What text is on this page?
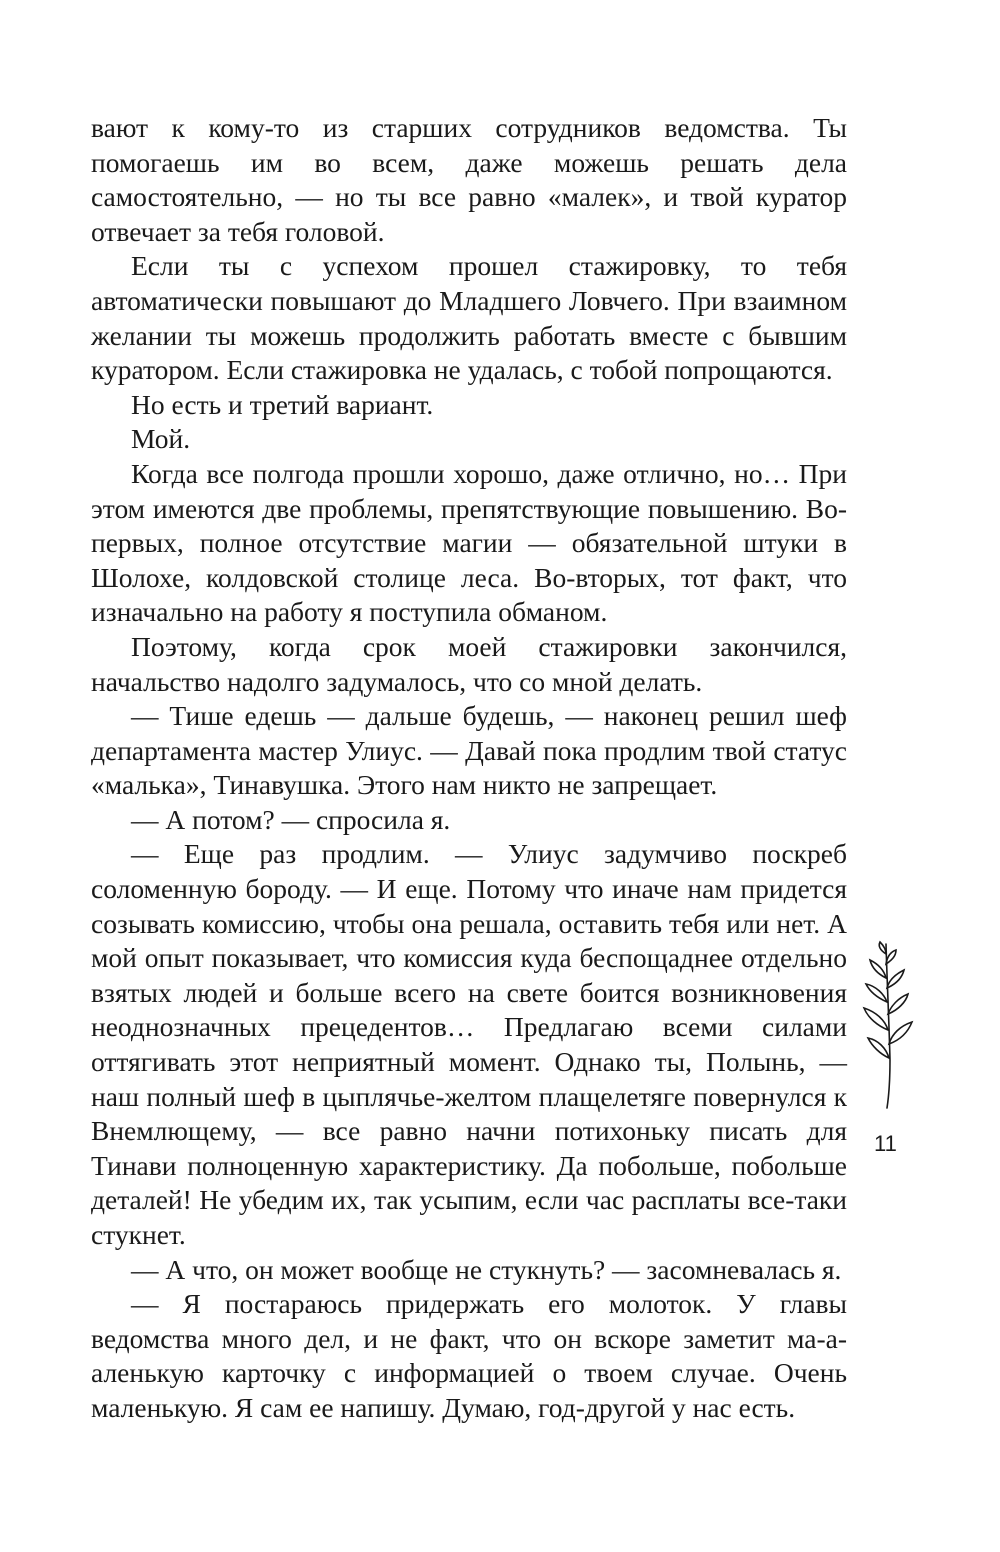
вают к кому-то из старших сотрудников ведомства. Ты помогаешь им во всем, даже можешь решать дела самостоятельно, — но ты все равно «малек», и твой куратор отвечает за тебя головой.

Если ты с успехом прошел стажировку, то тебя автоматически повышают до Младшего Ловчего. При взаимном желании ты можешь продолжить работать вместе с бывшим куратором. Если стажировка не удалась, с тобой попрощаются.

Но есть и третий вариант.

Мой.

Когда все полгода прошли хорошо, даже отлично, но… При этом имеются две проблемы, препятствующие повышению. Во-первых, полное отсутствие магии — обязательной штуки в Шолохе, колдовской столице леса. Во-вторых, тот факт, что изначально на работу я поступила обманом.

Поэтому, когда срок моей стажировки закончился, начальство надолго задумалось, что со мной делать.

— Тише едешь — дальше будешь, — наконец решил шеф департамента мастер Улиус. — Давай пока продлим твой статус «малька», Тинавушка. Этого нам никто не запрещает.

— А потом? — спросила я.

— Еще раз продлим. — Улиус задумчиво поскреб соломенную бороду. — И еще. Потому что иначе нам придется созывать комиссию, чтобы она решала, оставить тебя или нет. А мой опыт показывает, что комиссия куда беспощаднее отдельно взятых людей и больше всего на свете боится возникновения неоднозначных прецедентов… Предлагаю всеми силами оттягивать этот неприятный момент. Однако ты, Полынь, — наш полный шеф в цыплячье-желтом плащелетяге повернулся к Внемлющему, — все равно начни потихоньку писать для Тинави полноценную характеристику. Да побольше, побольше деталей! Не убедим их, так усыпим, если час расплаты все-таки стукнет.

— А что, он может вообще не стукнуть? — засомневалась я.

— Я постараюсь придержать его молоток. У главы ведомства много дел, и не факт, что он вскоре заметит ма-а-аленькую карточку с информацией о твоем случае. Очень маленькую. Я сам ее напишу. Думаю, год-другой у нас есть.

11
